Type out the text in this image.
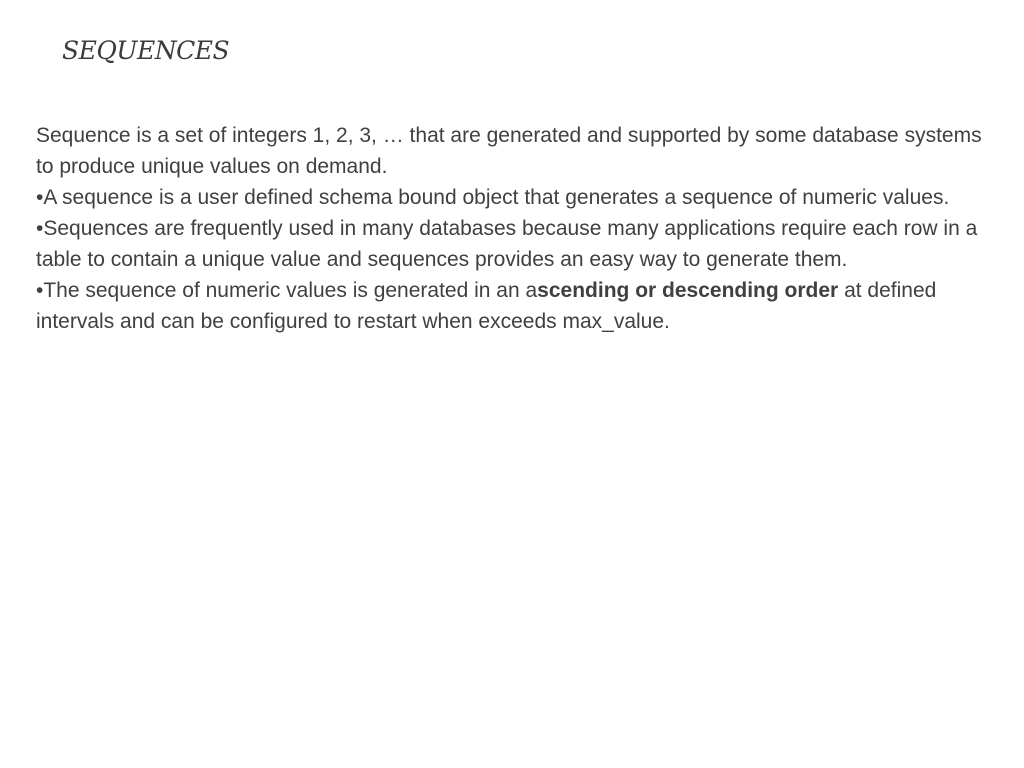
SEQUENCES

Sequence is a set of integers 1, 2, 3, … that are generated and supported by some database systems to produce unique values on demand.

•A sequence is a user defined schema bound object that generates a sequence of numeric values.

•Sequences are frequently used in many databases because many applications require each row in a table to contain a unique value and sequences provides an easy way to generate them.

•The sequence of numeric values is generated in an ascending or descending order at defined intervals and can be configured to restart when exceeds max_value.
